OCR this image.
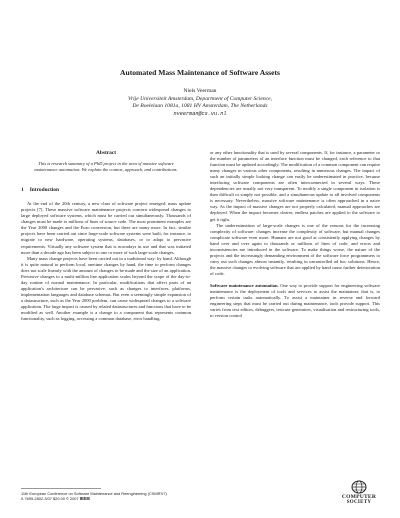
Automated Mass Maintenance of Software Assets
Niels Veerman
Vrije Universiteit Amsterdam, Department of Computer Science,
De Boelelaan 1081a, 1081 HV Amsterdam, The Netherlands
nveerman@cs.vu.nl
Abstract

This is research summary of a PhD project in the area of massive software maintenance automation. We explain the context, approach, and contributions.

1 Introduction

At the end of the 20th century, a new class of software project emerged: mass update projects [7]. These massive software maintenance projects concern widespread changes to large deployed software systems, which must be carried out simultaneously. Thousands of changes must be made to millions of lines of source code. The most prominent examples are the Year 2000 changes and the Euro conversion, but there are many more. In fact, similar projects have been carried out since large-scale software systems were built; for instance, to migrate to new hardware, operating systems, databases, or to adapt to pervasive requirements. Virtually any software system that is nowadays in use and that was initiated more than a decade ago has been subject to one or more of such large-scale changes.

Many mass change projects have been carried out in a traditional way: by hand. Although it is quite natural to perform local, onetime changes by hand, the time to perform changes does not scale linearly with the amount of changes to be made and the size of an application. Pervasive changes to a multi-million line application scales beyond the scope of the day-to-day routine of normal maintenance. In particular, modifications that affect parts of an application's architecture can be pervasive, such as changes to interfaces, platforms, implementation languages and database schemas. But even a seemingly simple expansion of a datastructure, such as the Year 2000 problem, can cause widespread changes to a software application. The large impact is caused by related datastructures and functions that have to be modified as well. Another example is a change to a component that represents common functionality, such as logging, accessing a common database, error handling,

or any other functionality that is used by several components. If, for instance, a parameter or the number of parameters of an interface function must be changed, each reference to that function must be updated accordingly. The modification of a common component can require many changes in various other components, resulting in numerous changes. The impact of such an initially simple looking change can easily be underestimated in practice, because interfacing software components are often interconnected in several ways. These dependencies are usually not very transparent. To modify a single component in isolation is then difficult or simply not possible, and a simultaneous update to all involved components is necessary. Nevertheless, massive software maintenance is often approached in a naive way. As the impact of massive changes are not properly calculated, manual approaches are deployed. When the impact becomes clearer, endless patches are applied to the software to get it right.

The underestimation of large-scale changes is one of the reasons for the increasing complexity of software: changes increase the complexity of software, but manual changes complicate software even more. Humans are not good at consistently applying changes by hand over and over again to thousands or millions of lines of code, and errors and inconsistencies are introduced in the software. To make things worse, the nature of the projects and the increasingly demanding environment of the software force programmers to carry out such changes almost instantly, resulting in uncontrolled ad hoc solutions. Hence, the massive changes to evolving software that are applied by hand cause further deterioration of code.

Software maintenance automation. One way to provide support for engineering software maintenance is the deployment of tools and services to assist the maintainer, that is, to perform certain tasks automatically. To assist a maintainer in reverse and forward engineering steps that must be carried out during maintenance, tools provide support. This varies from text editors, debuggers, testcase generators, visualisation and restructuring tools, to version control

11th European Conference on Software Maintenance and Reengineering (CSMR'07)
0-7695-2802-3/07 $20.00 © 2007 IEEE	COMPUTER
SOCIETY
